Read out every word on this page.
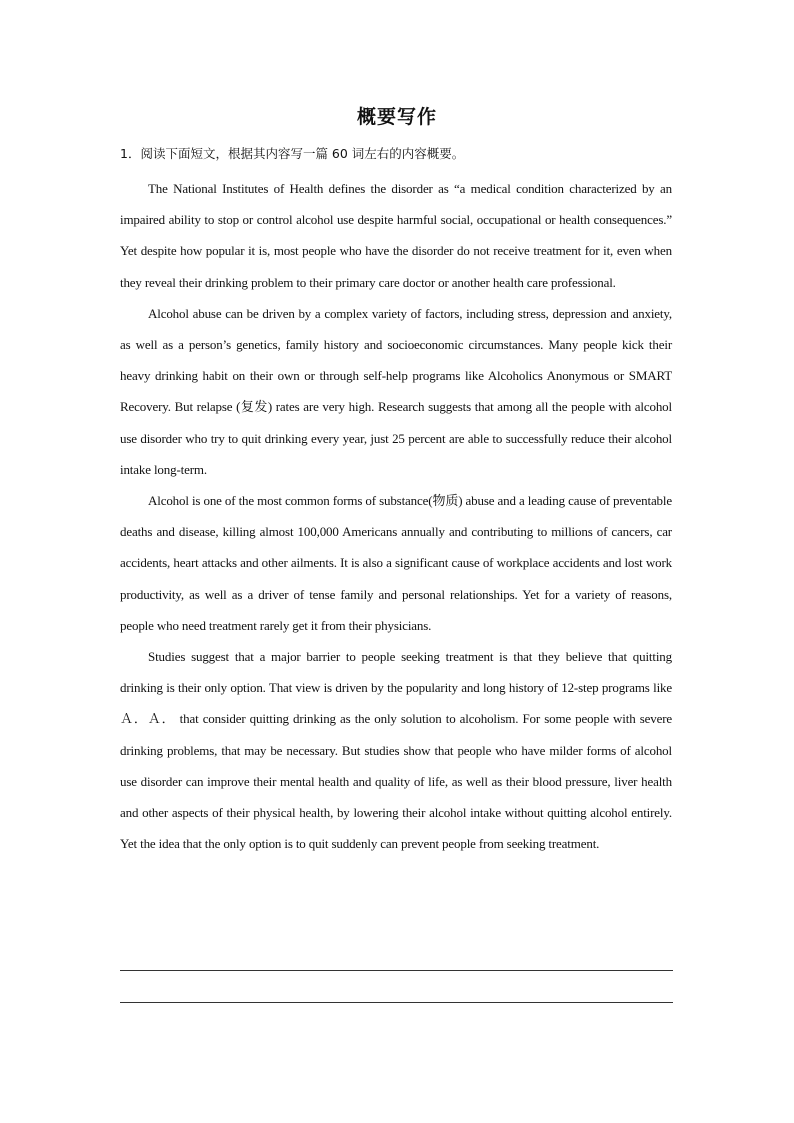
概要写作
1．阅读下面短文，根据其内容写一篇 60 词左右的内容概要。

The National Institutes of Health defines the disorder as “a medical condition characterized by an impaired ability to stop or control alcohol use despite harmful social, occupational or health consequences.” Yet despite how popular it is, most people who have the disorder do not receive treatment for it, even when they reveal their drinking problem to their primary care doctor or another health care professional.

Alcohol abuse can be driven by a complex variety of factors, including stress, depression and anxiety, as well as a person’s genetics, family history and socioeconomic circumstances. Many people kick their heavy drinking habit on their own or through self-help programs like Alcoholics Anonymous or SMART Recovery. But relapse (复发) rates are very high. Research suggests that among all the people with alcohol use disorder who try to quit drinking every year, just 25 percent are able to successfully reduce their alcohol intake long-term.

Alcohol is one of the most common forms of substance(物质) abuse and a leading cause of preventable deaths and disease, killing almost 100,000 Americans annually and contributing to millions of cancers, car accidents, heart attacks and other ailments. It is also a significant cause of workplace accidents and lost work productivity, as well as a driver of tense family and personal relationships. Yet for a variety of reasons, people who need treatment rarely get it from their physicians.

Studies suggest that a major barrier to people seeking treatment is that they believe that quitting drinking is their only option. That view is driven by the popularity and long history of 12-step programs like Ａ．Ａ． that consider quitting drinking as the only solution to alcoholism. For some people with severe drinking problems, that may be necessary. But studies show that people who have milder forms of alcohol use disorder can improve their mental health and quality of life, as well as their blood pressure, liver health and other aspects of their physical health, by lowering their alcohol intake without quitting alcohol entirely. Yet the idea that the only option is to quit suddenly can prevent people from seeking treatment.
